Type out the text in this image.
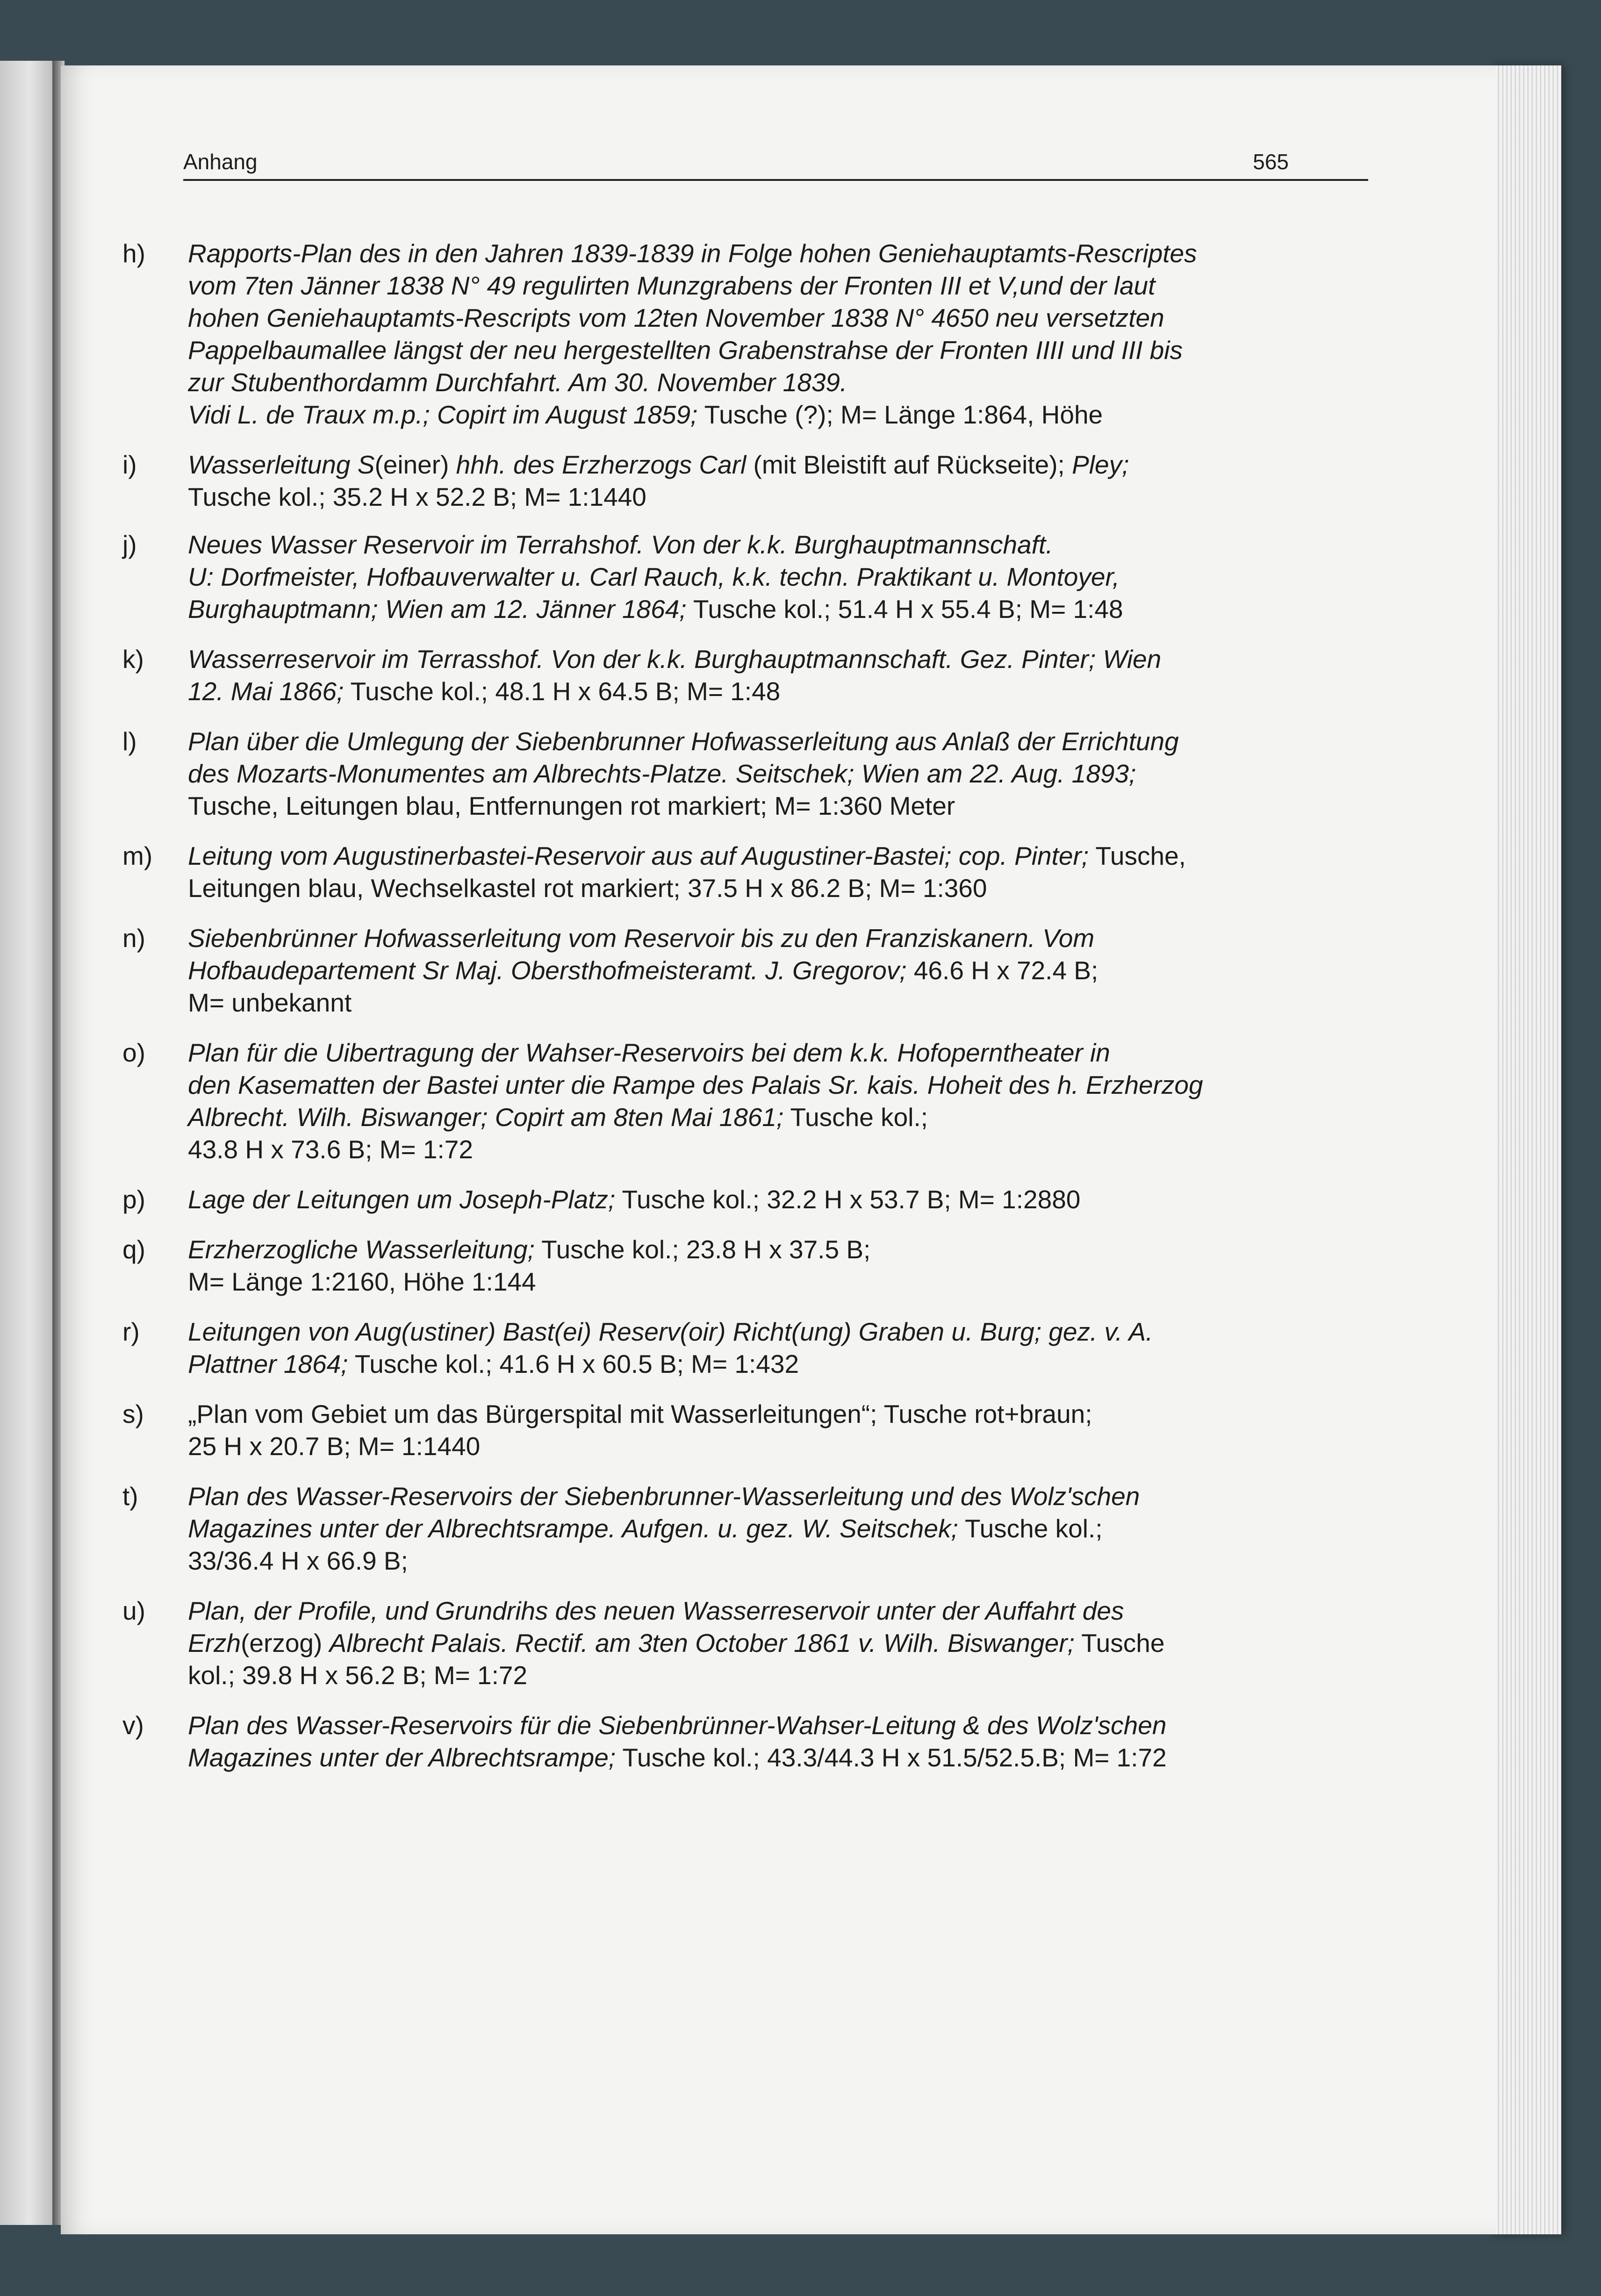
Anhang	565
h) Rapports-Plan des in den Jahren 1839-1839 in Folge hohen Geniehauptamts-Rescriptes
vom 7ten Jänner 1838 N° 49 regulirten Munzgrabens der Fronten III et V,und der laut
hohen Geniehauptamts-Rescripts vom 12ten November 1838 N° 4650 neu versetzten
Pappelbaumallee längst der neu hergestellten Grabenstrahse der Fronten IIII und III bis
zur Stubenthordamm Durchfahrt. Am 30. November 1839.
Vidi L. de Traux m.p.; Copirt im August 1859; Tusche (?); M= Länge 1:864, Höhe
i) Wasserleitung S(einer) hhh. des Erzherzogs Carl (mit Bleistift auf Rückseite); Pley;
Tusche kol.; 35.2 H x 52.2 B; M= 1:1440
j) Neues Wasser Reservoir im Terrahshof. Von der k.k. Burghauptmannschaft.
U: Dorfmeister, Hofbauverwalter u. Carl Rauch, k.k. techn. Praktikant u. Montoyer,
Burghauptmann; Wien am 12. Jänner 1864; Tusche kol.; 51.4 H x 55.4 B; M= 1:48
k) Wasserreservoir im Terrasshof. Von der k.k. Burghauptmannschaft. Gez. Pinter; Wien
12. Mai 1866; Tusche kol.; 48.1 H x 64.5 B; M= 1:48
l) Plan über die Umlegung der Siebenbrunner Hofwasserleitung aus Anlaß der Errichtung
des Mozarts-Monumentes am Albrechts-Platze. Seitschek; Wien am 22. Aug. 1893;
Tusche, Leitungen blau, Entfernungen rot markiert; M= 1:360 Meter
m) Leitung vom Augustinerbastei-Reservoir aus auf Augustiner-Bastei; cop. Pinter; Tusche,
Leitungen blau, Wechselkastel rot markiert; 37.5 H x 86.2 B; M= 1:360
n) Siebenbrünner Hofwasserleitung vom Reservoir bis zu den Franziskanern. Vom
Hofbaudepartement Sr Maj. Obersthofmeisteramt. J. Gregorov; 46.6 H x 72.4 B;
M= unbekannt
o) Plan für die Uibertragung der Wahser-Reservoirs bei dem k.k. Hofoperntheater in
den Kasematten der Bastei unter die Rampe des Palais Sr. kais. Hoheit des h. Erzherzog
Albrecht. Wilh. Biswanger; Copirt am 8ten Mai 1861; Tusche kol.;
43.8 H x 73.6 B; M= 1:72
p) Lage der Leitungen um Joseph-Platz; Tusche kol.; 32.2 H x 53.7 B; M= 1:2880
q) Erzherzogliche Wasserleitung; Tusche kol.; 23.8 H x 37.5 B;
M= Länge 1:2160, Höhe 1:144
r) Leitungen von Aug(ustiner) Bast(ei) Reserv(oir) Richt(ung) Graben u. Burg; gez. v. A.
Plattner 1864; Tusche kol.; 41.6 H x 60.5 B; M= 1:432
s) „Plan vom Gebiet um das Bürgerspital mit Wasserleitungen“; Tusche rot+braun;
25 H x 20.7 B; M= 1:1440
t) Plan des Wasser-Reservoirs der Siebenbrunner-Wasserleitung und des Wolz'schen
Magazines unter der Albrechtsrampe. Aufgen. u. gez. W. Seitschek; Tusche kol.;
33/36.4 H x 66.9 B;
u) Plan, der Profile, und Grundrihs des neuen Wasserreservoir unter der Auffahrt des
Erzh(erzog) Albrecht Palais. Rectif. am 3ten October 1861 v. Wilh. Biswanger; Tusche
kol.; 39.8 H x 56.2 B; M= 1:72
v) Plan des Wasser-Reservoirs für die Siebenbrünner-Wahser-Leitung & des Wolz'schen
Magazines unter der Albrechtsrampe; Tusche kol.; 43.3/44.3 H x 51.5/52.5.B; M= 1:72
